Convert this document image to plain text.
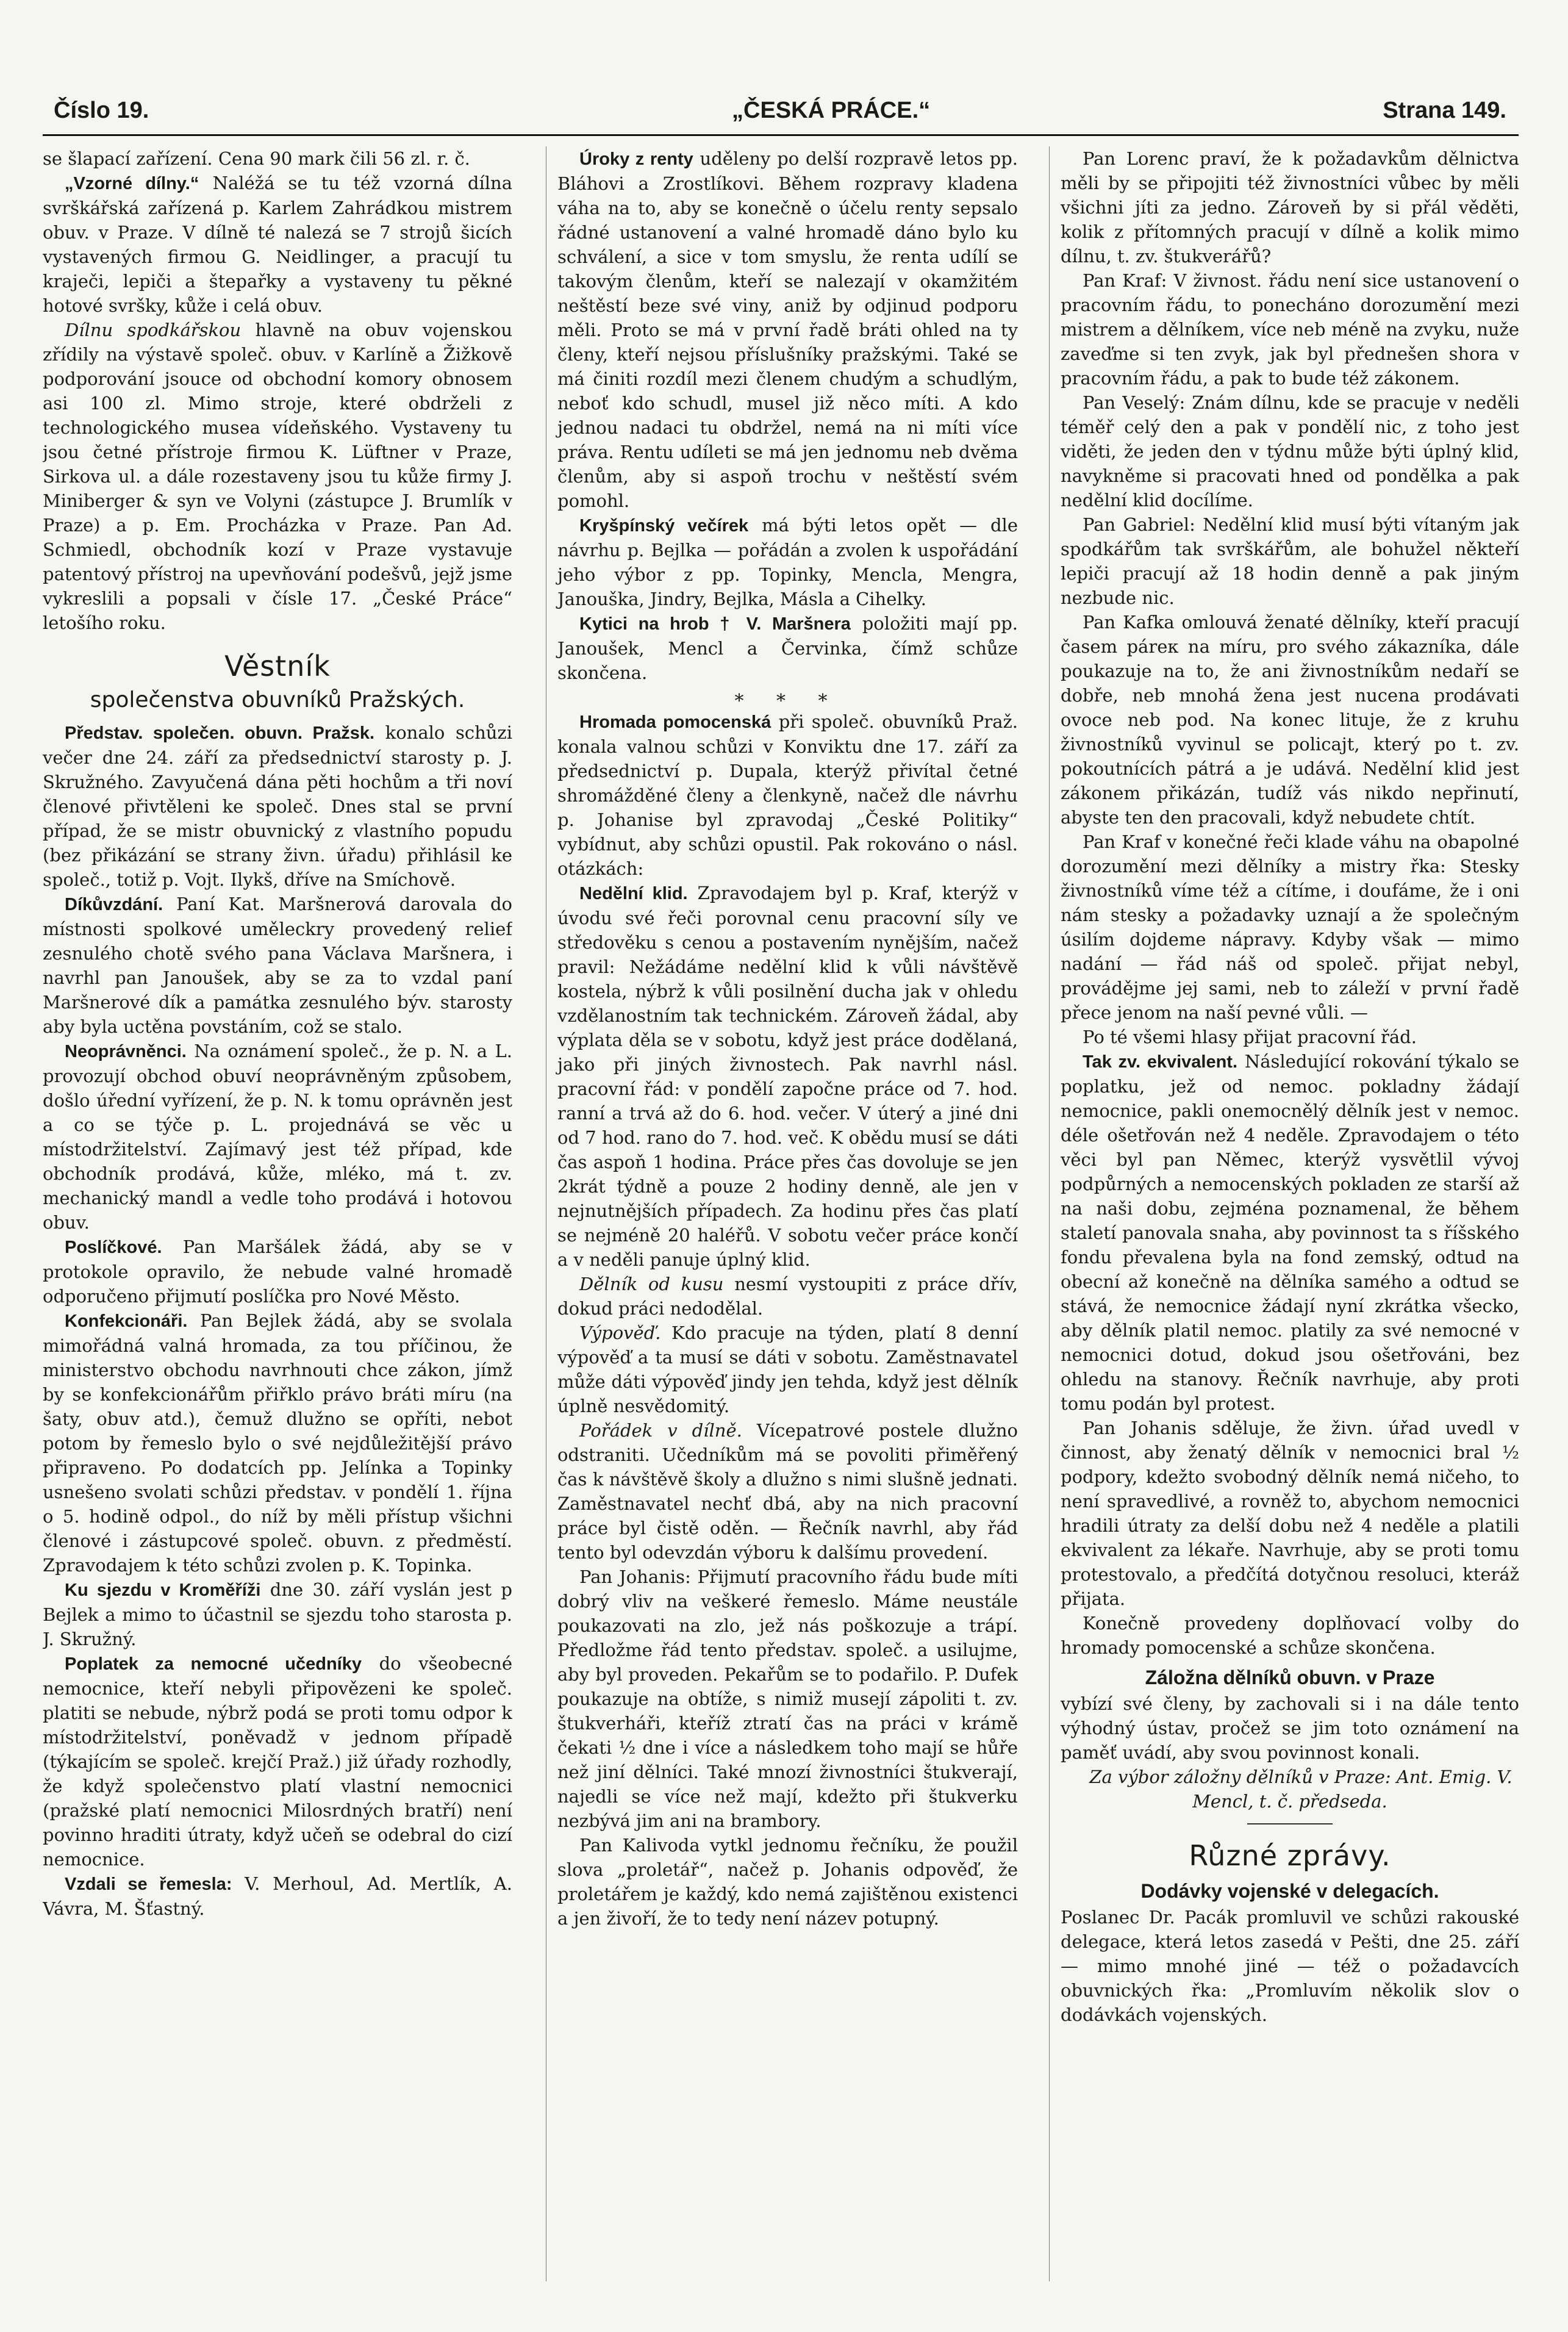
Číslo 19.	„ČESKÁ PRÁCE.“	Strana 149.

se šlapací zařízení. Cena 90 mark čili 56 zl. r. č.

„Vzorné dílny.“ Naléžá se tu též vzorná dílna svrškářská zařízená p. Karlem Zahrádkou mistrem obuv. v Praze. V dílně té nalezá se 7 strojů šicích vystavených firmou G. Neidlinger, a pracují tu kraječi, lepiči a štepařky a vystaveny tu pěkné hotové svršky, kůže i celá obuv.

Dílnu spodkářskou hlavně na obuv vojenskou zřídily na výstavě společ. obuv. v Karlíně a Žižkově podporování jsouce od obchodní komory obnosem asi 100 zl. Mimo stroje, které obdrželi z technologického musea vídeňského. Vystaveny tu jsou četné přístroje firmou K. Lüftner v Praze, Sirkova ul. a dále rozestaveny jsou tu kůže firmy J. Miniberger & syn ve Volyni (zástupce J. Brumlík v Praze) a p. Em. Procházka v Praze. Pan Ad. Schmiedl, obchodník kozí v Praze vystavuje patentový přístroj na upevňování podešvů, jejž jsme vykreslili a popsali v čísle 17. „České Práce“ letošího roku.

Věstník
společenstva obuvníků Pražských.

Představ. společen. obuvn. Pražsk. konalo schůzi večer dne 24. září za předsednictví starosty p. J. Skružného. Zavyučená dána pěti hochům a tři noví členové přivtěleni ke společ. Dnes stal se první případ, že se mistr obuvnický z vlastního popudu (bez přikázání se strany živn. úřadu) přihlásil ke společ., totiž p. Vojt. Ilykš, dříve na Smíchově.

Díkůvzdání. Paní Kat. Maršnerová darovala do místnosti spolkové uměleckry provedený relief zesnulého chotě svého pana Václava Maršnera, i navrhl pan Janoušek, aby se za to vzdal paní Maršnerové dík a památka zesnulého býv. starosty aby byla uctěna povstáním, což se stalo.

Neoprávněnci. Na oznámení společ., že p. N. a L. provozují obchod obuví neoprávněným způsobem, došlo úřední vyřízení, že p. N. k tomu oprávněn jest a co se týče p. L. projednává se věc u místodržitelství. Zajímavý jest též případ, kde obchodník prodává, kůže, mléko, má t. zv. mechanický mandl a vedle toho prodává i hotovou obuv.

Poslíčkové. Pan Maršálek žádá, aby se v protokole opravilo, že nebude valné hromadě odporučeno přijmutí poslíčka pro Nové Město.

Konfekcionáři. Pan Bejlek žádá, aby se svolala mimořádná valná hromada, za tou příčinou, že ministerstvo obchodu navrhnouti chce zákon, jímž by se konfekcionářům přiřklo právo bráti míru (na šaty, obuv atd.), čemuž dlužno se opříti, nebot potom by řemeslo bylo o své nejdůležitější právo připraveno. Po dodatcích pp. Jelínka a Topinky usnešeno svolati schůzi představ. v pondělí 1. října o 5. hodině odpol., do níž by měli přístup všichni členové i zástupcové společ. obuvn. z předměstí. Zpravodajem k této schůzi zvolen p. K. Topinka.

Ku sjezdu v Kroměříži dne 30. září vyslán jest p Bejlek a mimo to účastnil se sjezdu toho starosta p. J. Skružný.

Poplatek za nemocné učedníky do všeobecné nemocnice, kteří nebyli připovězeni ke společ. platiti se nebude, nýbrž podá se proti tomu odpor k místodržitelství, poněvadž v jednom případě (týkajícím se společ. krejčí Praž.) již úřady rozhodly, že když společenstvo platí vlastní nemocnici (pražské platí nemocnici Milosrdných bratří) není povinno hraditi útraty, když učeň se odebral do cizí nemocnice.

Vzdali se řemesla: V. Merhoul, Ad. Mertlík, A. Vávra, M. Šťastný.

Úroky z renty uděleny po delší rozpravě letos pp. Bláhovi a Zrostlíkovi. Během rozpravy kladena váha na to, aby se konečně o účelu renty sepsalo řádné ustanovení a valné hromadě dáno bylo ku schválení, a sice v tom smyslu, že renta udílí se takovým členům, kteří se nalezají v okamžitém neštěstí beze své viny, aniž by odjinud podporu měli. Proto se má v první řadě bráti ohled na ty členy, kteří nejsou příslušníky pražskými. Také se má činiti rozdíl mezi členem chudým a schudlým, neboť kdo schudl, musel již něco míti. A kdo jednou nadaci tu obdržel, nemá na ni míti více práva. Rentu udíleti se má jen jednomu neb dvěma členům, aby si aspoň trochu v neštěstí svém pomohl.

Kryšpínský večírek má býti letos opět — dle návrhu p. Bejlka — pořádán a zvolen k uspořádání jeho výbor z pp. Topinky, Mencla, Mengra, Janouška, Jindry, Bejlka, Másla a Cihelky.

Kytici na hrob † V. Maršnera položiti mají pp. Janoušek, Mencl a Červinka, čímž schůze skončena.

* * *

Hromada pomocenská při společ. obuvníků Praž. konala valnou schůzi v Konviktu dne 17. září za předsednictví p. Dupala, kterýž přivítal četné shromážděné členy a členkyně, načež dle návrhu p. Johanise byl zpravodaj „České Politiky“ vybídnut, aby schůzi opustil. Pak rokováno o násl. otázkách:

Nedělní klid. Zpravodajem byl p. Kraf, kterýž v úvodu své řeči porovnal cenu pracovní síly ve středověku s cenou a postavením nynějším, načež pravil: Nežádáme nedělní klid k vůli návštěvě kostela, nýbrž k vůli posilnění ducha jak v ohledu vzdělanostním tak technickém. Zároveň žádal, aby výplata děla se v sobotu, když jest práce dodělaná, jako při jiných živnostech. Pak navrhl násl. pracovní řád: v pondělí započne práce od 7. hod. ranní a trvá až do 6. hod. večer. V úterý a jiné dni od 7 hod. rano do 7. hod. več. K obědu musí se dáti čas aspoň 1 hodina. Práce přes čas dovoluje se jen 2krát týdně a pouze 2 hodiny denně, ale jen v nejnutnějších případech. Za hodinu přes čas platí se nejméně 20 haléřů. V sobotu večer práce končí a v neděli panuje úplný klid.

Dělník od kusu nesmí vystoupiti z práce dřív, dokud práci nedodělal.

Výpověď. Kdo pracuje na týden, platí 8 denní výpověď a ta musí se dáti v sobotu. Zaměstnavatel může dáti výpověď jindy jen tehda, když jest dělník úplně nesvědomitý.

Pořádek v dílně. Vícepatrové postele dlužno odstraniti. Učedníkům má se povoliti přiměřený čas k návštěvě školy a dlužno s nimi slušně jednati. Zaměstnavatel nechť dbá, aby na nich pracovní práce byl čistě oděn. — Řečník navrhl, aby řád tento byl odevzdán výboru k dalšímu provedení.

Pan Johanis: Přijmutí pracovního řádu bude míti dobrý vliv na veškeré řemeslo. Máme neustále poukazovati na zlo, jež nás poškozuje a trápí. Předložme řád tento představ. společ. a usilujme, aby byl proveden. Pekařům se to podařilo. P. Dufek poukazuje na obtíže, s nimiž musejí zápoliti t. zv. štukverháři, kteříž ztratí čas na práci v krámě čekati ½ dne i více a následkem toho mají se hůře než jiní dělníci. Také mnozí živnostníci štukverají, najedli se více než mají, kdežto při štukverku nezbývá jim ani na brambory.

Pan Kalivoda vytkl jednomu řečníku, že použil slova „proletář“, načež p. Johanis odpověď, že proletářem je každý, kdo nemá zajištěnou existenci a jen živoří, že to tedy není název potupný.

Pan Lorenc praví, že k požadavkům dělnictva měli by se připojiti též živnostníci vůbec by měli všichni jíti za jedno. Zároveň by si přál věděti, kolik z přítomných pracují v dílně a kolik mimo dílnu, t. zv. štukverářů?

Pan Kraf: V živnost. řádu není sice ustanovení o pracovním řádu, to ponecháno dorozumění mezi mistrem a dělníkem, více neb méně na zvyku, nuže zaveďme si ten zvyk, jak byl přednešen shora v pracovním řádu, a pak to bude též zákonem.

Pan Veselý: Znám dílnu, kde se pracuje v neděli téměř celý den a pak v pondělí nic, z toho jest viděti, že jeden den v týdnu může býti úplný klid, navykněme si pracovati hned od pondělka a pak nedělní klid docílíme.

Pan Gabriel: Nedělní klid musí býti vítaným jak spodkářům tak svrškářům, ale bohužel někteří lepiči pracují až 18 hodin denně a pak jiným nezbude nic.

Pan Kafka omlouvá ženaté dělníky, kteří pracují časem páreк na míru, pro svého zákazníka, dále poukazuje na to, že ani živnostníkům nedaří se dobře, neb mnohá žena jest nucena prodávati ovoce neb pod. Na konec lituje, že z kruhu živnostníků vyvinul se policajt, který po t. zv. pokoutnících pátrá a je udává. Nedělní klid jest zákonem přikázán, tudíž vás nikdo nepřinutí, abyste ten den pracovali, když nebudete chtít.

Pan Kraf v konečné řeči klade váhu na obapolné dorozumění mezi dělníky a mistry řka: Stesky živnostníků víme též a cítíme, i doufáme, že i oni nám stesky a požadavky uznají a že společným úsilím dojdeme nápravy. Kdyby však — mimo nadání — řád náš od společ. přijat nebyl, provádějme jej sami, neb to záleží v první řadě přece jenom na naší pevné vůli. —

Po té všemi hlasy přijat pracovní řád.

Tak zv. ekvivalent. Následující rokování týkalo se poplatku, jež od nemoc. pokladny žádají nemocnice, pakli onemocnělý dělník jest v nemoc. déle ošetřován než 4 neděle. Zpravodajem o této věci byl pan Němec, kterýž vysvětlil vývoj podpůrných a nemocenských pokladen ze starší až na naši dobu, zejména poznamenal, že během staletí panovala snaha, aby povinnost ta s říšského fondu převalena byla na fond zemský, odtud na obecní až konečně na dělníka samého a odtud se stává, že nemocnice žádají nyní zkrátka všecko, aby dělník platil nemoc. platily za své nemocné v nemocnici dotud, dokud jsou ošetřováni, bez ohledu na stanovy. Řečník navrhuje, aby proti tomu podán byl protest.

Pan Johanis sděluje, že živn. úřad uvedl v činnost, aby ženatý dělník v nemocnici bral ½ podpory, kdežto svobodný dělník nemá ničeho, to není spravedlivé, a rovněž to, abychom nemocnici hradili útraty za delší dobu než 4 neděle a platili ekvivalent za lékaře. Navrhuje, aby se proti tomu protestovalo, a předčítá dotyčnou resoluci, kteráž přijata.

Konečně provedeny doplňovací volby do hromady pomocenské a schůze skončena.

Záložna dělníků obuvn. v Praze

vybízí své členy, by zachovali si i na dále tento výhodný ústav, pročež se jim toto oznámení na paměť uvádí, aby svou povinnost konali.

Za výbor záložny dělníků v Praze: Ant. Emig. V. Mencl, t. č. předseda.

Různé zprávy.
Dodávky vojenské v delegacích.

Poslanec Dr. Pacák promluvil ve schůzi rakouské delegace, která letos zasedá v Pešti, dne 25. září — mimo mnohé jiné — též o požadavcích obuvnických řka: „Promluvím několik slov o dodávkách vojenských.
